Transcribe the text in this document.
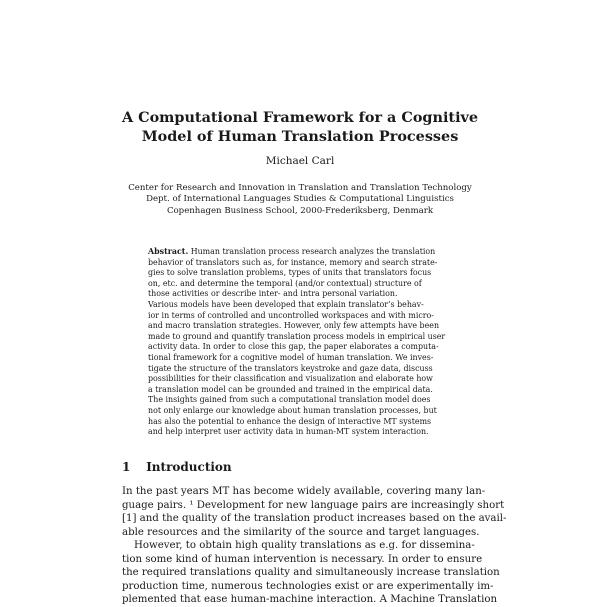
A Computational Framework for a Cognitive
Model of Human Translation Processes
Michael Carl
Center for Research and Innovation in Translation and Translation Technology
Dept. of International Languages Studies & Computational Linguistics
Copenhagen Business School, 2000-Frederiksberg, Denmark
Abstract. Human translation process research analyzes the translation
behavior of translators such as, for instance, memory and search strate-
gies to solve translation problems, types of units that translators focus
on, etc. and determine the temporal (and/or contextual) structure of
those activities or describe inter- and intra personal variation.
Various models have been developed that explain translator’s behav-
ior in terms of controlled and uncontrolled workspaces and with micro-
and macro translation strategies. However, only few attempts have been
made to ground and quantify translation process models in empirical user
activity data. In order to close this gap, the paper elaborates a computa-
tional framework for a cognitive model of human translation. We inves-
tigate the structure of the translators keystroke and gaze data, discuss
possibilities for their classification and visualization and elaborate how
a translation model can be grounded and trained in the empirical data.
The insights gained from such a computational translation model does
not only enlarge our knowledge about human translation processes, but
has also the potential to enhance the design of interactive MT systems
and help interpret user activity data in human-MT system interaction.
1 Introduction
In the past years MT has become widely available, covering many lan-
guage pairs. ¹ Development for new language pairs are increasingly short
[1] and the quality of the translation product increases based on the avail-
able resources and the similarity of the source and target languages.
However, to obtain high quality translations as e.g. for dissemina-
tion some kind of human intervention is necessary. In order to ensure
the required translations quality and simultaneously increase translation
production time, numerous technologies exist or are experimentally im-
plemented that ease human-machine interaction. A Machine Translation
